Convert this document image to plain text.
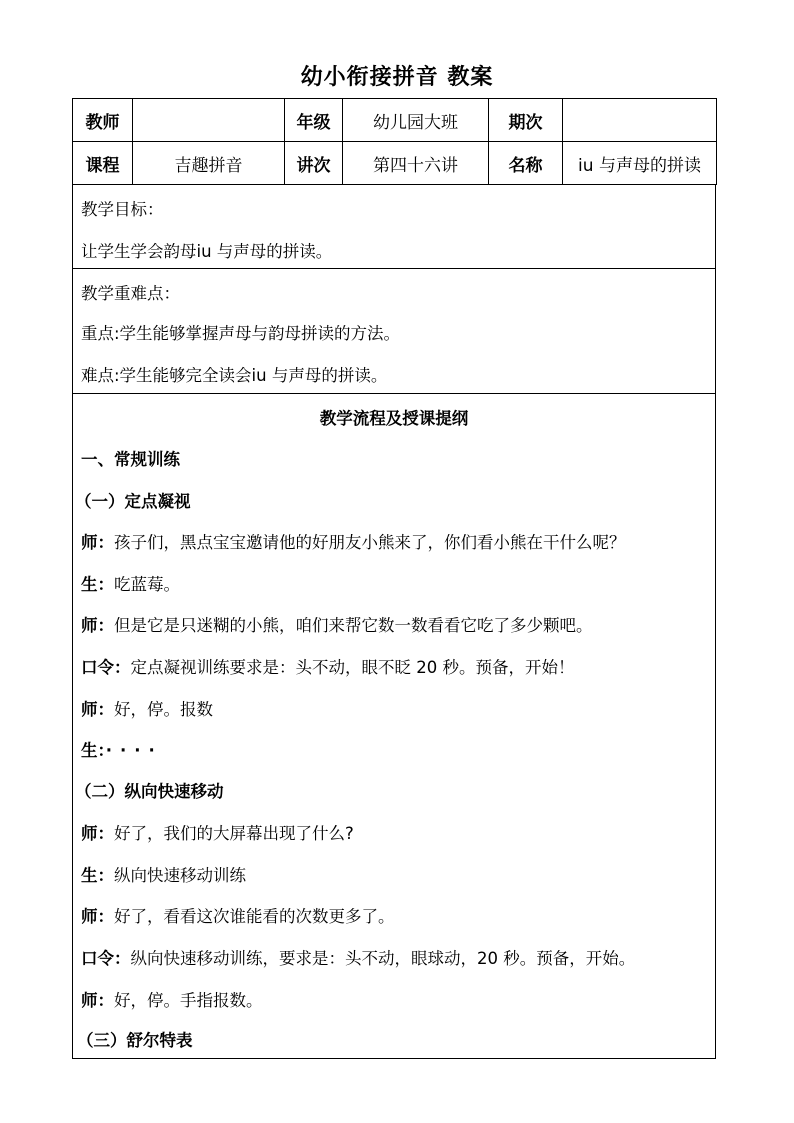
幼小衔接拼音 教案
教师		年级	幼儿园大班	期次	
课程	吉趣拼音	讲次	第四十六讲	名称	iu 与声母的拼读
教学目标：
让学生学会韵母iu 与声母的拼读。
教学重难点：
重点:学生能够掌握声母与韵母拼读的方法。
难点:学生能够完全读会iu 与声母的拼读。
教学流程及授课提纲
一、常规训练
（一）定点凝视
师：孩子们，黑点宝宝邀请他的好朋友小熊来了，你们看小熊在干什么呢？
生：吃蓝莓。
师：但是它是只迷糊的小熊，咱们来帮它数一数看看它吃了多少颗吧。
口令：定点凝视训练要求是：头不动，眼不眨 20 秒。预备，开始！
师：好，停。报数
生：····
（二）纵向快速移动
师：好了，我们的大屏幕出现了什么?
生：纵向快速移动训练
师：好了，看看这次谁能看的次数更多了。
口令：纵向快速移动训练，要求是：头不动，眼球动，20 秒。预备，开始。
师：好，停。手指报数。
（三）舒尔特表
